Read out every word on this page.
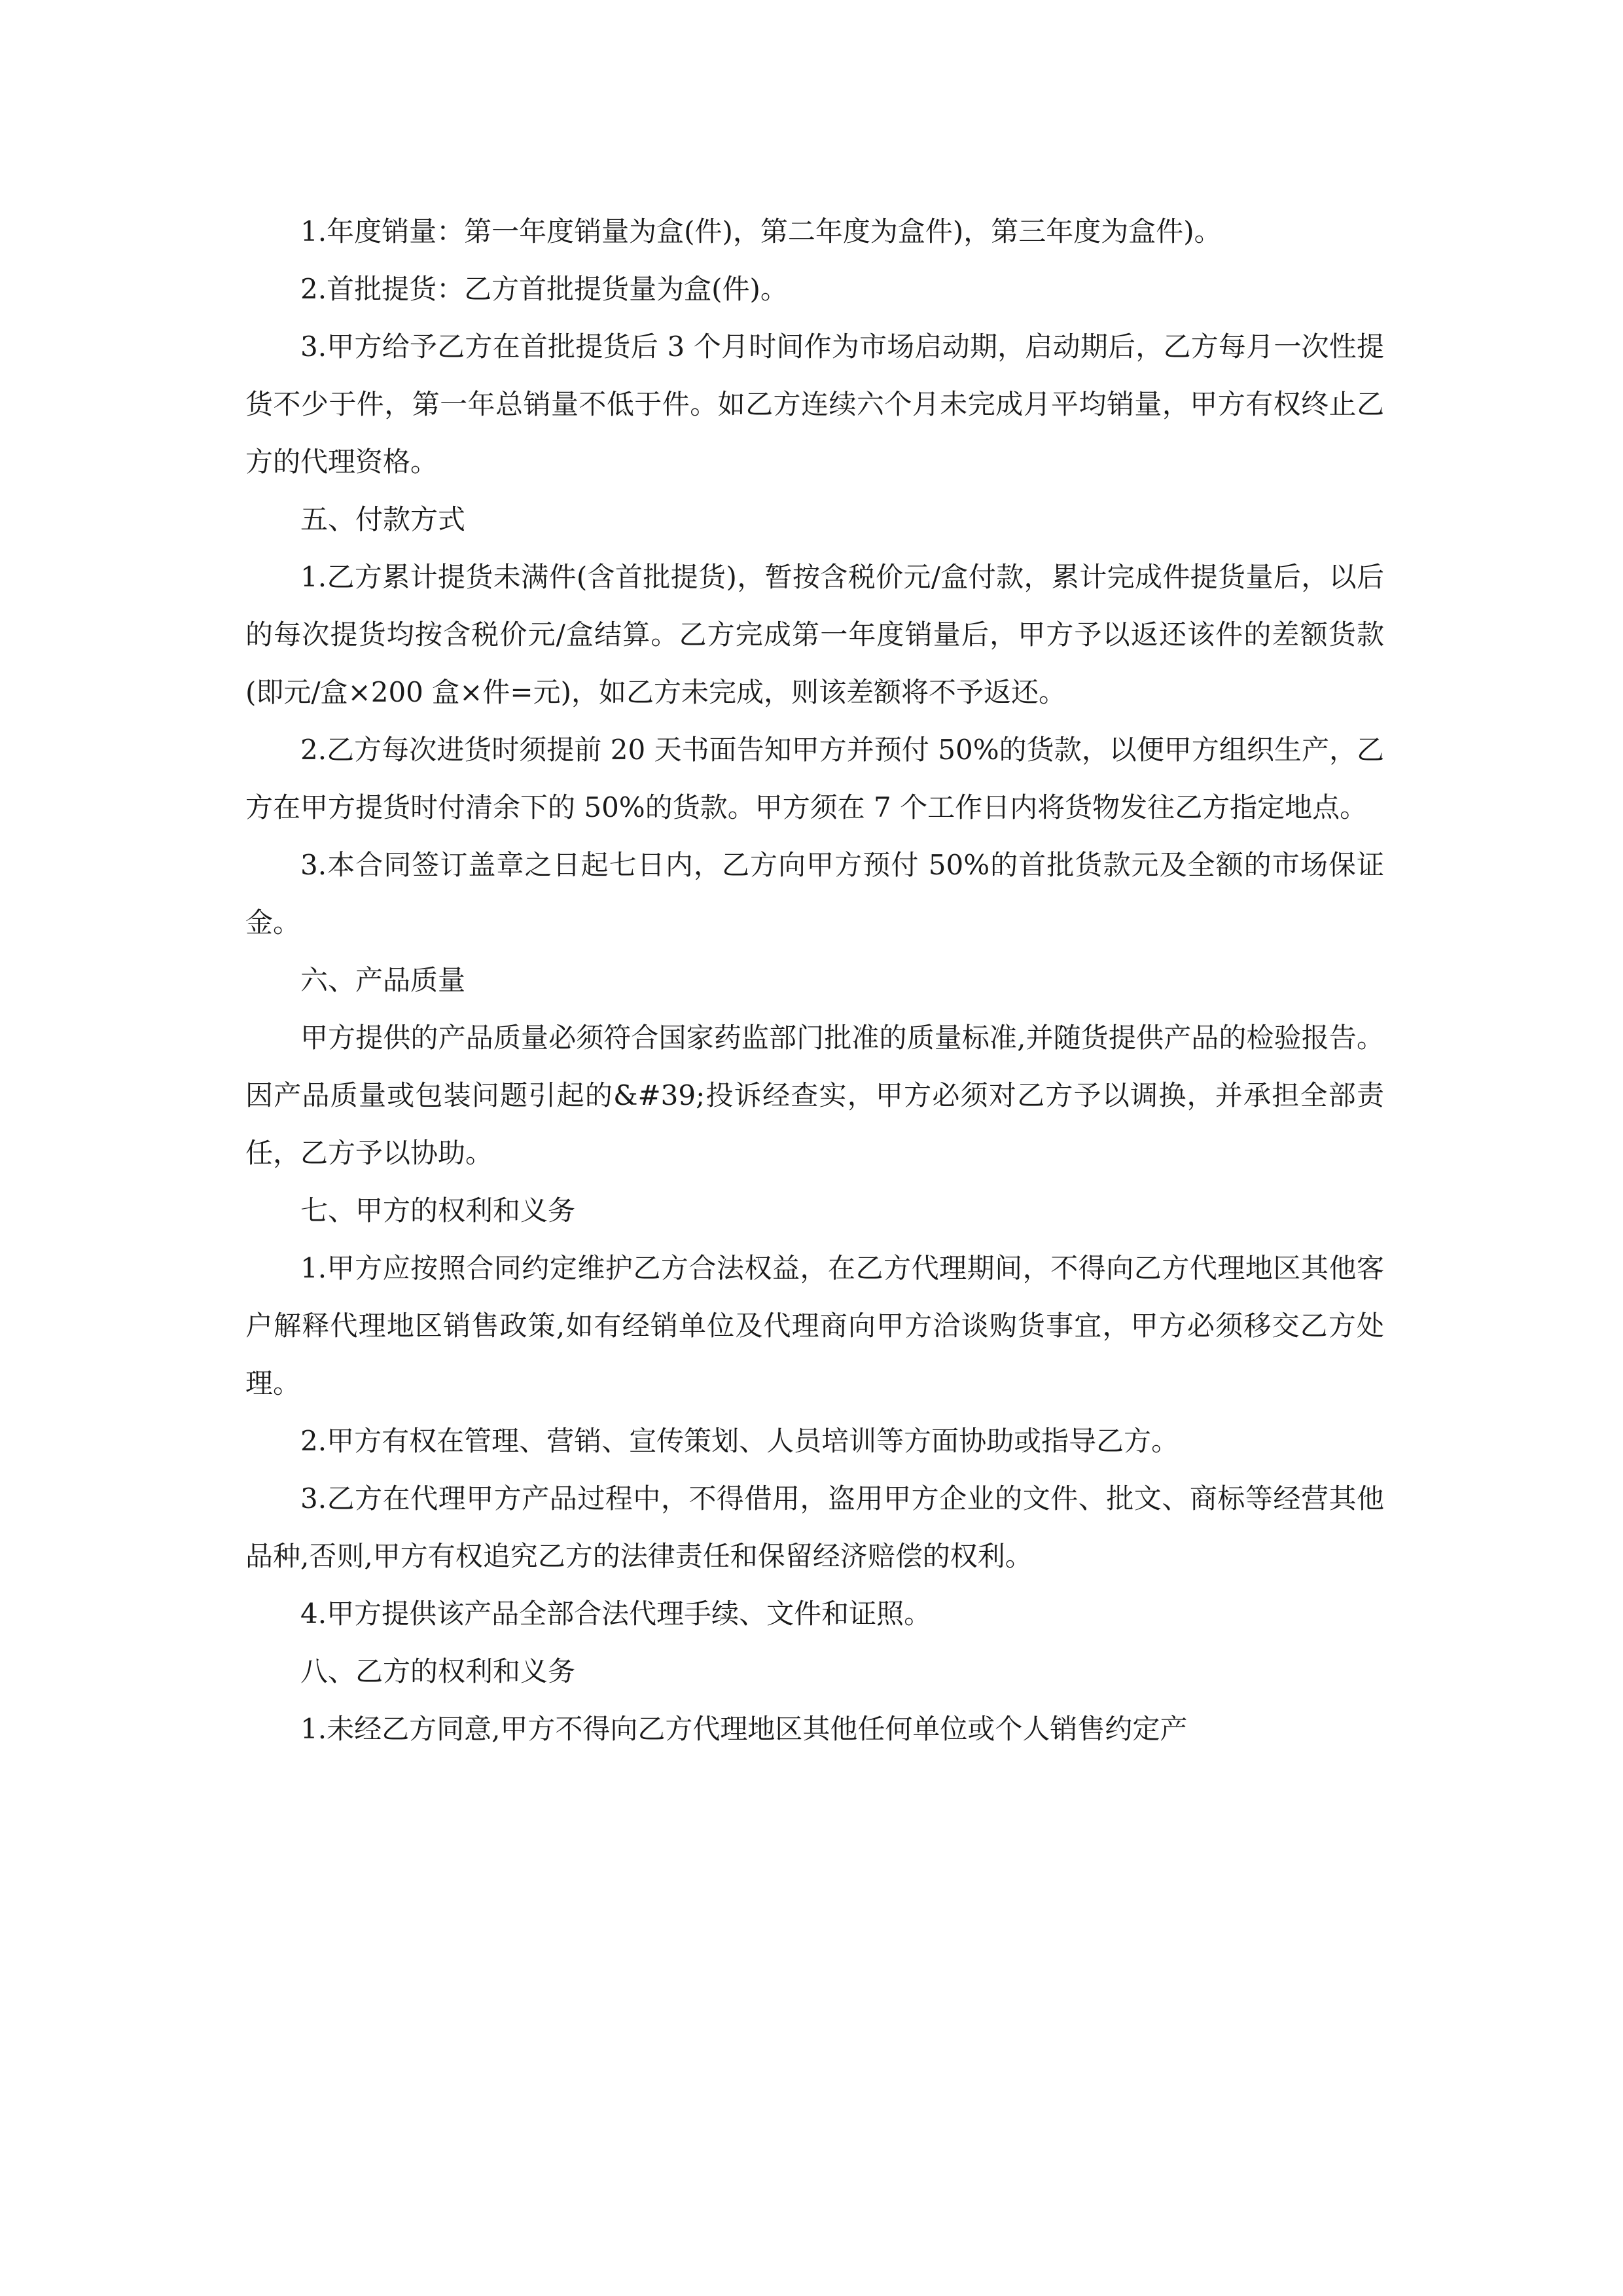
1.年度销量：第一年度销量为盒(件)，第二年度为盒件)，第三年度为盒件)。

2.首批提货：乙方首批提货量为盒(件)。

3.甲方给予乙方在首批提货后 3 个月时间作为市场启动期，启动期后，乙方每月一次性提货不少于件，第一年总销量不低于件。如乙方连续六个月未完成月平均销量，甲方有权终止乙方的代理资格。

五、付款方式

1.乙方累计提货未满件(含首批提货)，暂按含税价元/盒付款，累计完成件提货量后，以后的每次提货均按含税价元/盒结算。乙方完成第一年度销量后，甲方予以返还该件的差额货款(即元/盒×200 盒×件=元)，如乙方未完成，则该差额将不予返还。

2.乙方每次进货时须提前 20 天书面告知甲方并预付 50%的货款，以便甲方组织生产，乙方在甲方提货时付清余下的 50%的货款。甲方须在 7 个工作日内将货物发往乙方指定地点。

3.本合同签订盖章之日起七日内，乙方向甲方预付 50%的首批货款元及全额的市场保证金。

六、产品质量

甲方提供的产品质量必须符合国家药监部门批准的质量标准,并随货提供产品的检验报告。因产品质量或包装问题引起的&#39;投诉经查实，甲方必须对乙方予以调换，并承担全部责任，乙方予以协助。

七、甲方的权利和义务

1.甲方应按照合同约定维护乙方合法权益，在乙方代理期间，不得向乙方代理地区其他客户解释代理地区销售政策,如有经销单位及代理商向甲方洽谈购货事宜，甲方必须移交乙方处理。

2.甲方有权在管理、营销、宣传策划、人员培训等方面协助或指导乙方。

3.乙方在代理甲方产品过程中，不得借用，盗用甲方企业的文件、批文、商标等经营其他品种,否则,甲方有权追究乙方的法律责任和保留经济赔偿的权利。

4.甲方提供该产品全部合法代理手续、文件和证照。

八、乙方的权利和义务

1.未经乙方同意,甲方不得向乙方代理地区其他任何单位或个人销售约定产
